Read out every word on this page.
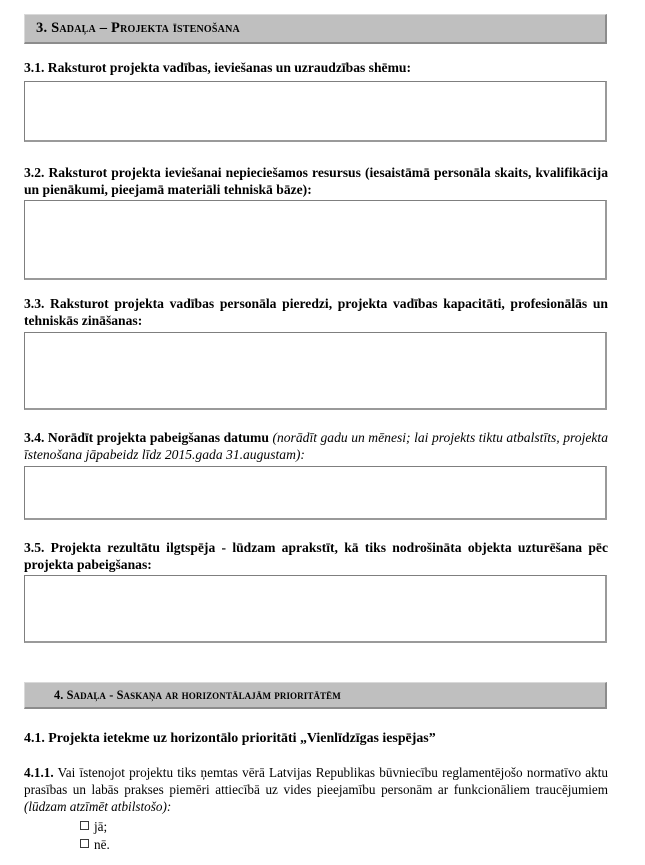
3. Sadaļa – Projekta īstenošana
3.1. Raksturot projekta vadības, ieviešanas un uzraudzības shēmu:
3.2. Raksturot projekta ieviešanai nepieciešamos resursus (iesaistāmā personāla skaits, kvalifikācija un pienākumi, pieejamā materiāli tehniskā bāze):
3.3. Raksturot projekta vadības personāla pieredzi, projekta vadības kapacitāti, profesionālās un tehniskās zināšanas:
3.4. Norādīt projekta pabeigšanas datumu (norādīt gadu un mēnesi; lai projekts tiktu atbalstīts, projekta īstenošana jāpabeidz līdz 2015.gada 31.augustam):
3.5. Projekta rezultātu ilgtspēja - lūdzam aprakstīt, kā tiks nodrošināta objekta uzturēšana pēc projekta pabeigšanas:
4. Sadaļa - Saskaņa ar horizontālajām prioritātēm
4.1. Projekta ietekme uz horizontālo prioritāti „Vienlīdzīgas iespējas”
4.1.1. Vai īstenojot projektu tiks ņemtas vērā Latvijas Republikas būvniecību reglamentējošo normatīvo aktu prasības un labās prakses piemēri attiecībā uz vides pieejamību personām ar funkcionāliem traucējumiem (lūdzam atzīmēt atbilstošo):
jā;
nē.
